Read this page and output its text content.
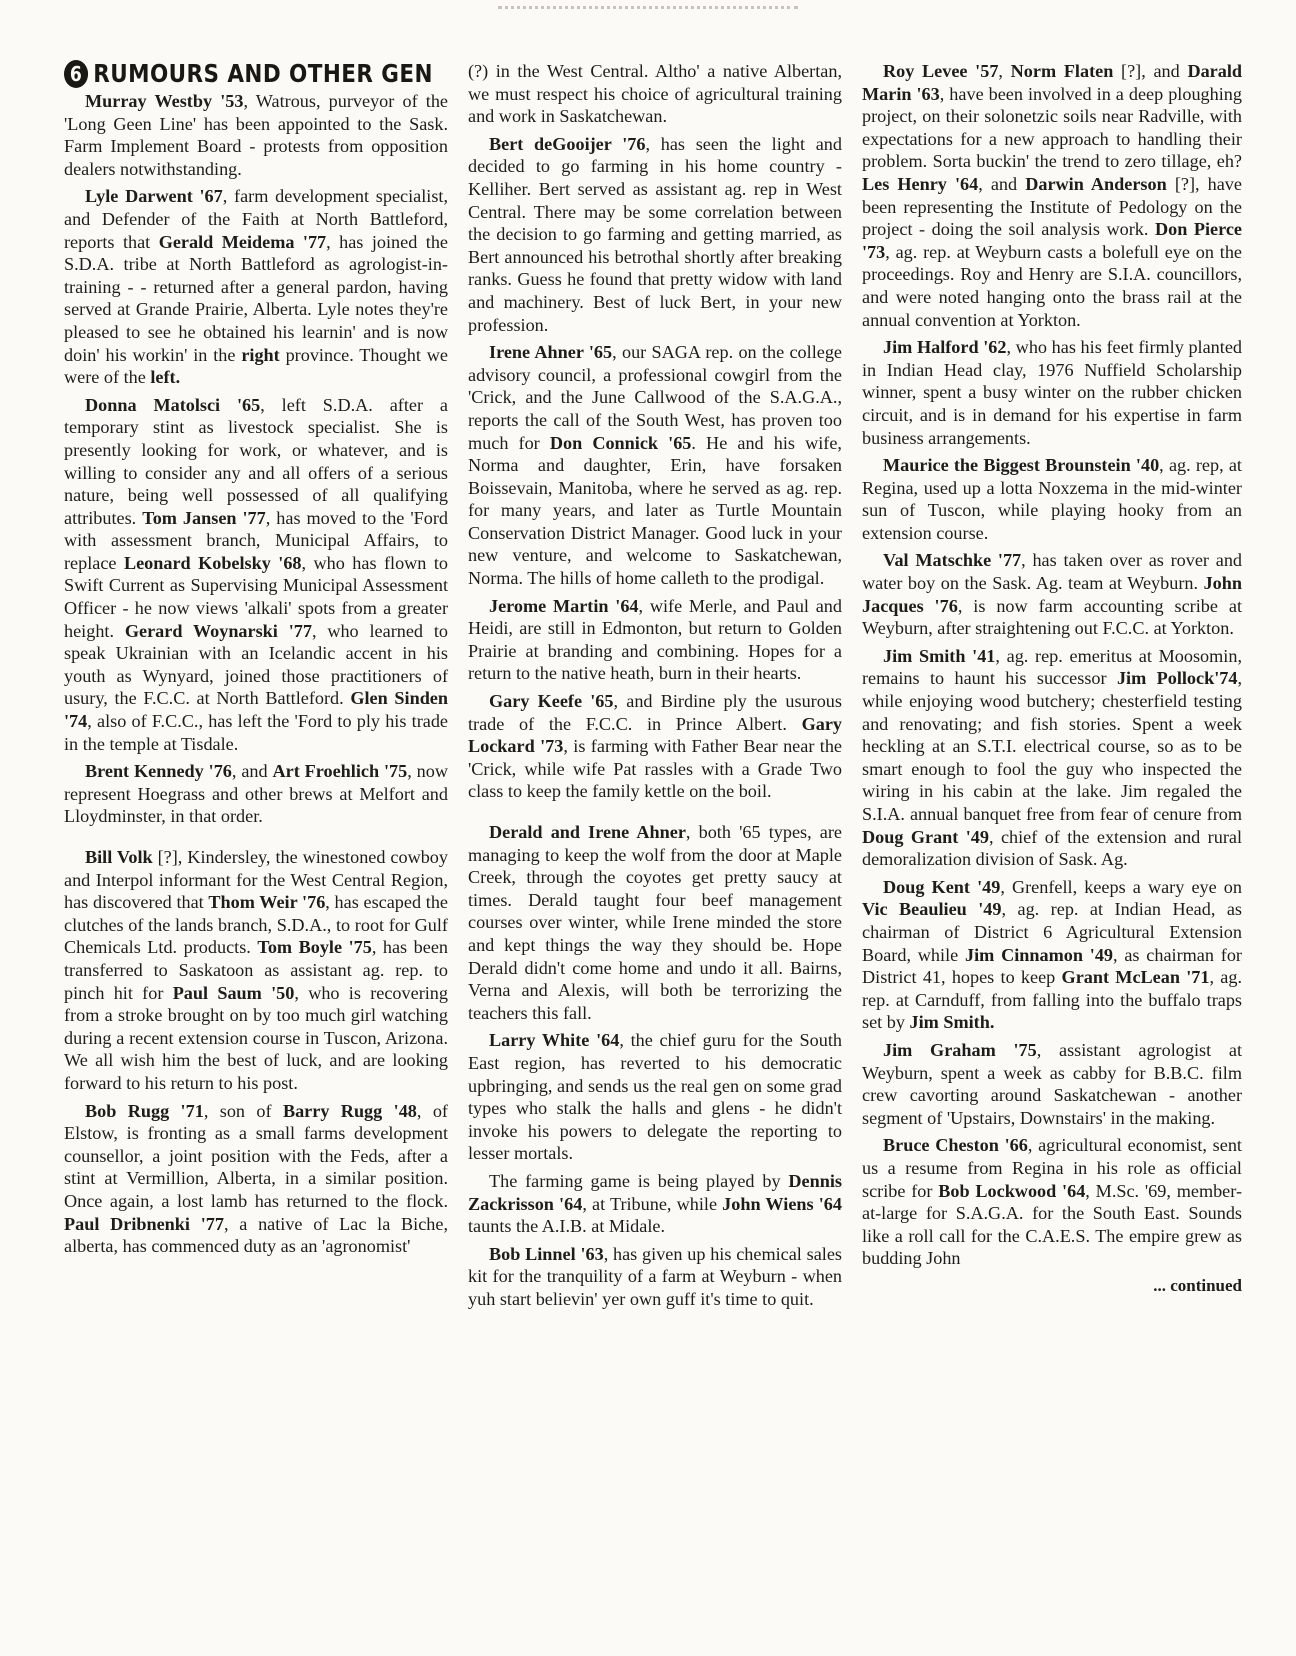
6 RUMOURS AND OTHER GEN

Murray Westby '53, Watrous, purveyor of the 'Long Geen Line' has been appointed to the Sask. Farm Implement Board - protests from opposition dealers notwithstanding.

Lyle Darwent '67, farm development specialist, and Defender of the Faith at North Battleford, reports that Gerald Meidema '77, has joined the S.D.A. tribe at North Battleford as agrologist-in-training - - returned after a general pardon, having served at Grande Prairie, Alberta. Lyle notes they're pleased to see he obtained his learnin' and is now doin' his workin' in the right province. Thought we were of the left.

Donna Matolsci '65, left S.D.A. after a temporary stint as livestock specialist. She is presently looking for work, or whatever, and is willing to consider any and all offers of a serious nature, being well possessed of all qualifying attributes. Tom Jansen '77, has moved to the 'Ford with assessment branch, Municipal Affairs, to replace Leonard Kobelsky '68, who has flown to Swift Current as Supervising Municipal Assessment Officer - he now views 'alkali' spots from a greater height. Gerard Woynarski '77, who learned to speak Ukrainian with an Icelandic accent in his youth as Wynyard, joined those practitioners of usury, the F.C.C. at North Battleford. Glen Sinden '74, also of F.C.C., has left the 'Ford to ply his trade in the temple at Tisdale.

Brent Kennedy '76, and Art Froehlich '75, now represent Hoegrass and other brews at Melfort and Lloydminster, in that order.

Bill Volk [?], Kindersley, the winestoned cowboy and Interpol informant for the West Central Region, has discovered that Thom Weir '76, has escaped the clutches of the lands branch, S.D.A., to root for Gulf Chemicals Ltd. products. Tom Boyle '75, has been transferred to Saskatoon as assistant ag. rep. to pinch hit for Paul Saum '50, who is recovering from a stroke brought on by too much girl watching during a recent extension course in Tuscon, Arizona. We all wish him the best of luck, and are looking forward to his return to his post.

Bob Rugg '71, son of Barry Rugg '48, of Elstow, is fronting as a small farms development counsellor, a joint position with the Feds, after a stint at Vermillion, Alberta, in a similar position. Once again, a lost lamb has returned to the flock. Paul Dribnenki '77, a native of Lac la Biche, alberta, has commenced duty as an 'agronomist'

(?) in the West Central. Altho' a native Albertan, we must respect his choice of agricultural training and work in Saskatchewan.

Bert deGooijer '76, has seen the light and decided to go farming in his home country - Kelliher. Bert served as assistant ag. rep in West Central. There may be some correlation between the decision to go farming and getting married, as Bert announced his betrothal shortly after breaking ranks. Guess he found that pretty widow with land and machinery. Best of luck Bert, in your new profession.

Irene Ahner '65, our SAGA rep. on the college advisory council, a professional cowgirl from the 'Crick, and the June Callwood of the S.A.G.A., reports the call of the South West, has proven too much for Don Connick '65. He and his wife, Norma and daughter, Erin, have forsaken Boissevain, Manitoba, where he served as ag. rep. for many years, and later as Turtle Mountain Conservation District Manager. Good luck in your new venture, and welcome to Saskatchewan, Norma. The hills of home calleth to the prodigal.

Jerome Martin '64, wife Merle, and Paul and Heidi, are still in Edmonton, but return to Golden Prairie at branding and combining. Hopes for a return to the native heath, burn in their hearts.

Gary Keefe '65, and Birdine ply the usurous trade of the F.C.C. in Prince Albert. Gary Lockard '73, is farming with Father Bear near the 'Crick, while wife Pat rassles with a Grade Two class to keep the family kettle on the boil.

Derald and Irene Ahner, both '65 types, are managing to keep the wolf from the door at Maple Creek, through the coyotes get pretty saucy at times. Derald taught four beef management courses over winter, while Irene minded the store and kept things the way they should be. Hope Derald didn't come home and undo it all. Bairns, Verna and Alexis, will both be terrorizing the teachers this fall.

Larry White '64, the chief guru for the South East region, has reverted to his democratic upbringing, and sends us the real gen on some grad types who stalk the halls and glens - he didn't invoke his powers to delegate the reporting to lesser mortals.

The farming game is being played by Dennis Zackrisson '64, at Tribune, while John Wiens '64 taunts the A.I.B. at Midale.

Bob Linnel '63, has given up his chemical sales kit for the tranquility of a farm at Weyburn - when yuh start believin' yer own guff it's time to quit.

Roy Levee '57, Norm Flaten [?], and Darald Marin '63, have been involved in a deep ploughing project, on their solonetzic soils near Radville, with expectations for a new approach to handling their problem. Sorta buckin' the trend to zero tillage, eh? Les Henry '64, and Darwin Anderson [?], have been representing the Institute of Pedology on the project - doing the soil analysis work. Don Pierce '73, ag. rep. at Weyburn casts a bolefull eye on the proceedings. Roy and Henry are S.I.A. councillors, and were noted hanging onto the brass rail at the annual convention at Yorkton.

Jim Halford '62, who has his feet firmly planted in Indian Head clay, 1976 Nuffield Scholarship winner, spent a busy winter on the rubber chicken circuit, and is in demand for his expertise in farm business arrangements.

Maurice the Biggest Brounstein '40, ag. rep, at Regina, used up a lotta Noxzema in the mid-winter sun of Tuscon, while playing hooky from an extension course.

Val Matschke '77, has taken over as rover and water boy on the Sask. Ag. team at Weyburn. John Jacques '76, is now farm accounting scribe at Weyburn, after straightening out F.C.C. at Yorkton.

Jim Smith '41, ag. rep. emeritus at Moosomin, remains to haunt his successor Jim Pollock'74, while enjoying wood butchery; chesterfield testing and renovating; and fish stories. Spent a week heckling at an S.T.I. electrical course, so as to be smart enough to fool the guy who inspected the wiring in his cabin at the lake. Jim regaled the S.I.A. annual banquet free from fear of cenure from Doug Grant '49, chief of the extension and rural demoralization division of Sask. Ag.

Doug Kent '49, Grenfell, keeps a wary eye on Vic Beaulieu '49, ag. rep. at Indian Head, as chairman of District 6 Agricultural Extension Board, while Jim Cinnamon '49, as chairman for District 41, hopes to keep Grant McLean '71, ag. rep. at Carnduff, from falling into the buffalo traps set by Jim Smith.

Jim Graham '75, assistant agrologist at Weyburn, spent a week as cabby for B.B.C. film crew cavorting around Saskatchewan - another segment of 'Upstairs, Downstairs' in the making.

Bruce Cheston '66, agricultural economist, sent us a resume from Regina in his role as official scribe for Bob Lockwood '64, M.Sc. '69, member-at-large for S.A.G.A. for the South East. Sounds like a roll call for the C.A.E.S. The empire grew as budding John

... continued
